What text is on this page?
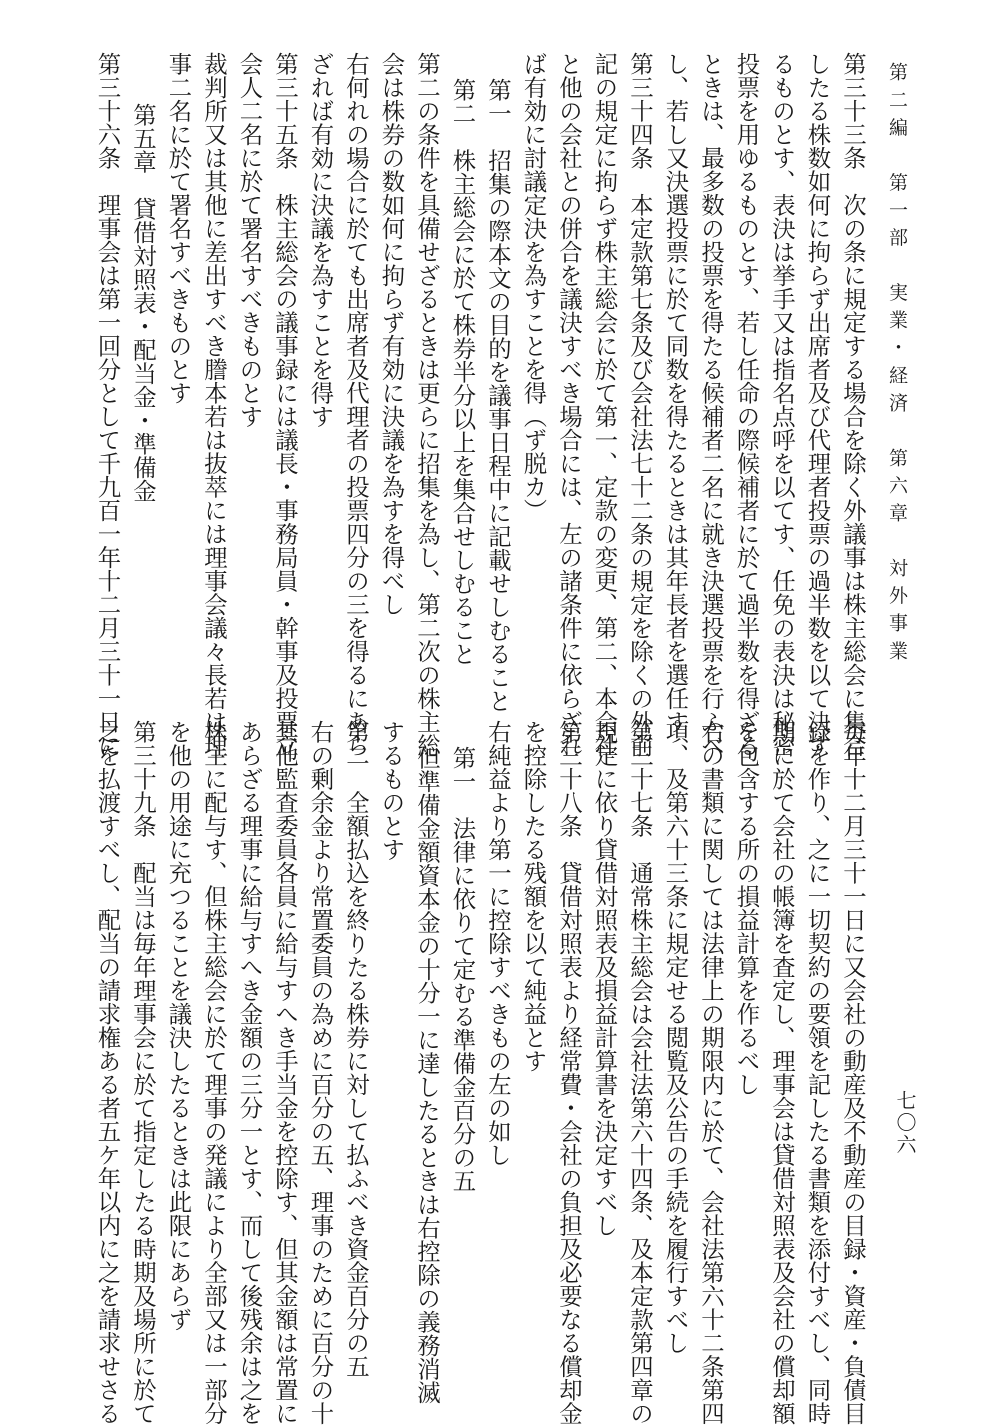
第二編　第一部　実業・経済　第六章　対外事業
七〇六
第三十三条　次の条に規定する場合を除く外議事は株主総会に集合
したる株数如何に拘らず出席者及び代理者投票の過半数を以て決す
るものとす、表決は挙手又は指名点呼を以てす、任免の表決は秘密
投票を用ゆるものとす、若し任命の際候補者に於て過半数を得ざる
ときは、最多数の投票を得たる候補者二名に就き決選投票を行ふべ
し、若し又決選投票に於て同数を得たるときは其年長者を選任す
第三十四条　本定款第七条及び会社法七十二条の規定を除くの外前
記の規定に拘らず株主総会に於て第一、定款の変更、第二、本会社
と他の会社との併合を議決すべき場合には、左の諸条件に依らざれ
ば有効に討議定決を為すことを得（ず脱カ）
第一　招集の際本文の目的を議事日程中に記載せしむること
第二　株主総会に於て株券半分以上を集合せしむること
第二の条件を具備せざるときは更らに招集を為し、第二次の株主総
会は株券の数如何に拘らず有効に決議を為すを得べし
右何れの場合に於ても出席者及代理者の投票四分の三を得るにあら
ざれば有効に決議を為すことを得す
第三十五条　株主総会の議事録には議長・事務局員・幹事及投票立
会人二名に於て署名すべきものとす
裁判所又は其他に差出すべき謄本若は抜萃には理事会議々長若は理
事二名に於て署名すべきものとす
第五章　貸借対照表・配当金・準備金
第三十六条　理事会は第一回分として千九百一年十二月三十一日に
毎年十二月三十一日に又会社の動産及不動産の目録・資産・負債目
録を作り、之に一切契約の要領を記したる書類を添付すべし、同時
期に於て会社の帳簿を査定し、理事会は貸借対照表及会社の償却額
を包含する所の損益計算を作るべし
右の書類に関しては法律上の期限内に於て、会社法第六十二条第四
項、及第六十三条に規定せる閲覧及公告の手続を履行すべし
第三十七条　通常株主総会は会社法第六十四条、及本定款第四章の
規定に依り貸借対照表及損益計算書を決定すべし
第三十八条　貸借対照表より経常費・会社の負担及必要なる償却金
を控除したる残額を以て純益とす
右純益より第一に控除すべきもの左の如し
第一　法律に依りて定むる準備金百分の五
但準備金額資本金の十分一に達したるときは右控除の義務消滅
するものとす
第二　全額払込を終りたる株券に対して払ふべき資金百分の五
右の剰余金より常置委員の為めに百分の五、理事のために百分の十
其他監査委員各員に給与すへき手当金を控除す、但其金額は常置に
あらざる理事に給与すへき金額の三分一とす、而して後残余は之を
株主に配与す、但株主総会に於て理事の発議により全部又は一部分
を他の用途に充つることを議決したるときは此限にあらず
第三十九条　配当は毎年理事会に於て指定したる時期及場所に於て
之を払渡すべし、配当の請求権ある者五ケ年以内に之を請求せさる
